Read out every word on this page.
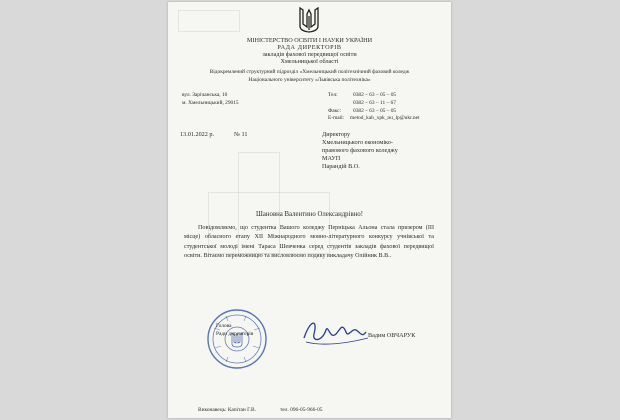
МІНІСТЕРСТВО ОСВІТИ І НАУКИ УКРАЇНИ
РАДА ДИРЕКТОРІВ
закладів фахової передвищої освіти
Хмельницької області
Відокремлений структурний підрозділ «Хмельницький політехнічний фаховий коледж
Національного університету «Львівська політехніка»
вул. Зарічанська, 10
м. Хмельницький, 29015
Тел:	0382 – 63 – 05 – 05
0382 – 63 – 11 – 67
Факс: 0382 – 63 – 05 – 05
E-mail: metod_kab_xpk_nu_lp@ukr.net
13.01.2022 р.	№ 11	Директору
Хмельницького економіко-
правового фахового коледжу
МАУП
Парандій В.О.
Шановна Валентино Олександрівно!
Повідомляємо, що студентка Вашого коледжу Перніцька Альона стала призером (ІІІ місце) обласного етапу ХІІ Міжнародного мовно-літературного конкурсу учнівської та студентської молоді імені Тараса Шевченка серед студентів закладів фахової передвищої освіти. Вітаємо переможницю та висловлюємо подяку викладачу Олійник В.В..
Голова
Ради директорів	Вадим ОВЧАРУК
Виконавець: Капітан Г.В.	тел. 096-05-966-05
